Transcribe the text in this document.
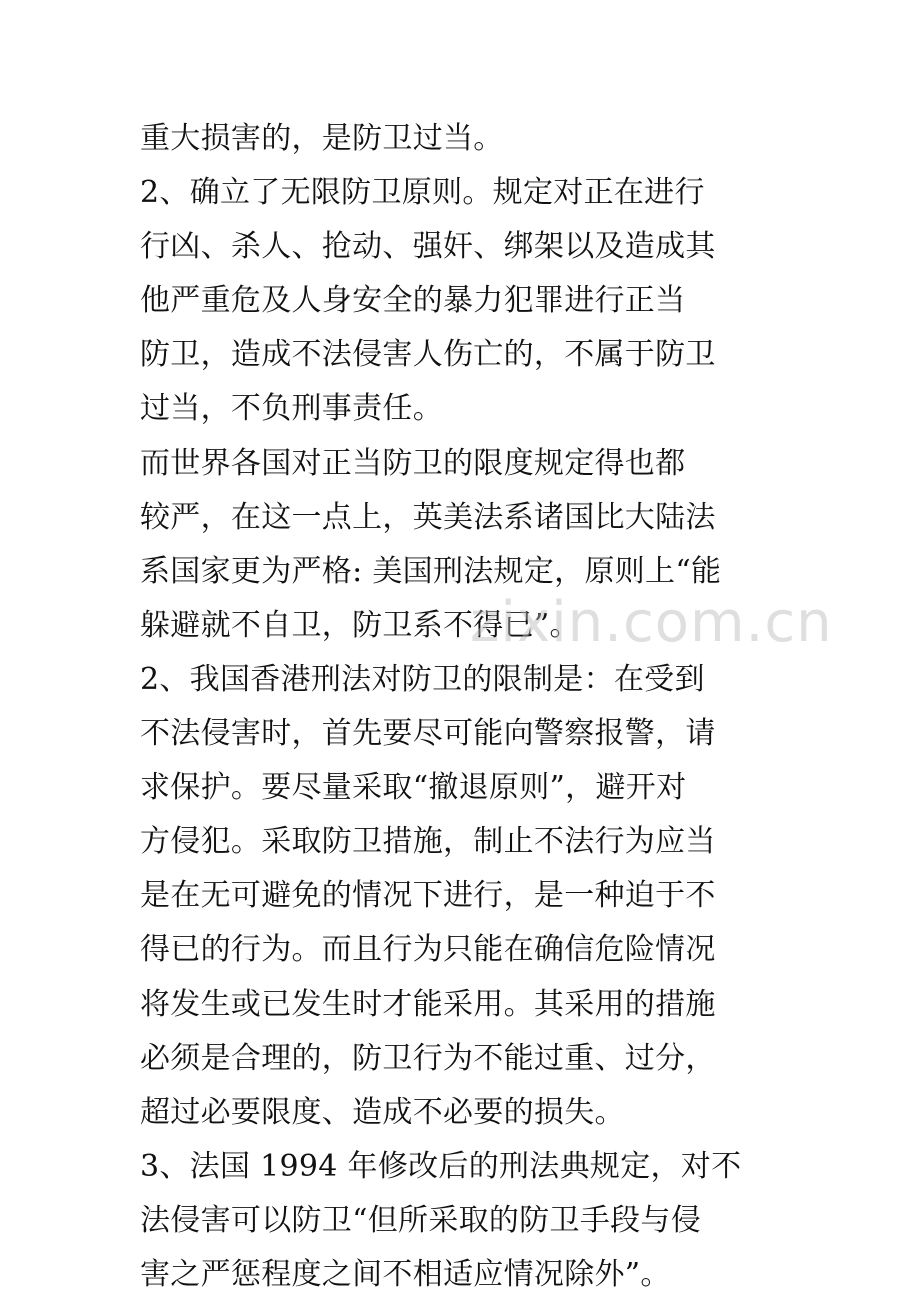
重大损害的，是防卫过当。
2、确立了无限防卫原则。规定对正在进行
行凶、杀人、抢动、强奸、绑架以及造成其
他严重危及人身安全的暴力犯罪进行正当
防卫，造成不法侵害人伤亡的，不属于防卫
过当，不负刑事责任。
而世界各国对正当防卫的限度规定得也都
较严，在这一点上，英美法系诸国比大陆法
系国家更为严格: 美国刑法规定，原则上“能
躲避就不自卫，防卫系不得已”。
2、我国香港刑法对防卫的限制是：在受到
不法侵害时，首先要尽可能向警察报警，请
求保护。要尽量采取“撤退原则”，避开对
方侵犯。采取防卫措施，制止不法行为应当
是在无可避免的情况下进行，是一种迫于不
得已的行为。而且行为只能在确信危险情况
将发生或已发生时才能采用。其采用的措施
必须是合理的，防卫行为不能过重、过分，
超过必要限度、造成不必要的损失。
3、法国 1994 年修改后的刑法典规定，对不
法侵害可以防卫“但所采取的防卫手段与侵
害之严惩程度之间不相适应情况除外”。
zixin.com.cn
